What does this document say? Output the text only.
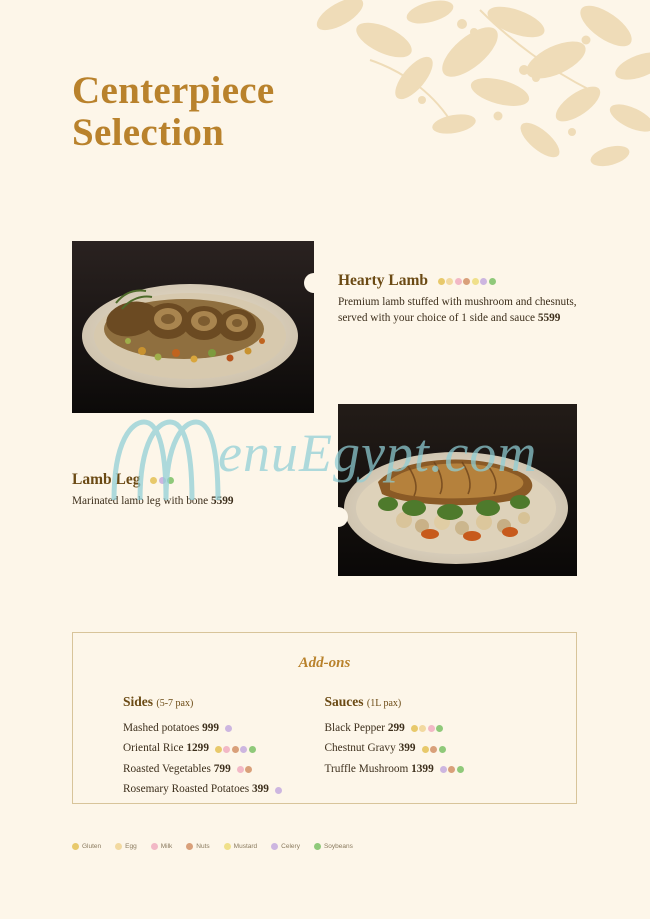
Centerpiece
Selection
Hearty Lamb
Premium lamb stuffed with mushroom and chesnuts, served with your choice of 1 side and sauce 5599
Lamb Leg
Marinated lamb leg with bone 5599
enuEgypt.com
Add-ons
Sides (5-7 pax)
Mashed potatoes 999
Oriental Rice 1299
Roasted Vegetables 799
Rosemary Roasted Potatoes 399
Sauces (1L pax)
Black Pepper 299
Chestnut Gravy 399
Truffle Mushroom 1399
Gluten	Egg	Milk	Nuts	Mustard	Celery	Soybeans
